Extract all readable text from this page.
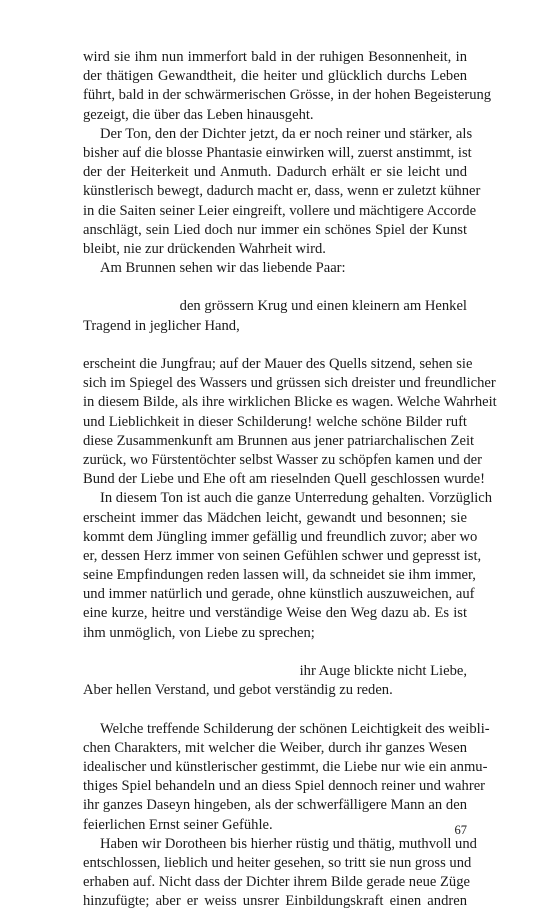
wird sie ihm nun immerfort bald in der ruhigen Besonnenheit, in
der thätigen Gewandtheit, die heiter und glücklich durchs Leben
führt, bald in der schwärmerischen Grösse, in der hohen Begeisterung
gezeigt, die über das Leben hinausgeht.
Der Ton, den der Dichter jetzt, da er noch reiner und stärker, als
bisher auf die blosse Phantasie einwirken will, zuerst anstimmt, ist
der der Heiterkeit und Anmuth. Dadurch erhält er sie leicht und
künstlerisch bewegt, dadurch macht er, dass, wenn er zuletzt kühner
in die Saiten seiner Leier eingreift, vollere und mächtigere Accorde
anschlägt, sein Lied doch nur immer ein schönes Spiel der Kunst
bleibt, nie zur drückenden Wahrheit wird.
Am Brunnen sehen wir das liebende Paar:
den grössern Krug und einen kleinern am Henkel
Tragend in jeglicher Hand,
erscheint die Jungfrau; auf der Mauer des Quells sitzend, sehen sie
sich im Spiegel des Wassers und grüssen sich dreister und freundlicher
in diesem Bilde, als ihre wirklichen Blicke es wagen. Welche Wahrheit
und Lieblichkeit in dieser Schilderung! welche schöne Bilder ruft
diese Zusammenkunft am Brunnen aus jener patriarchalischen Zeit
zurück, wo Fürstentöchter selbst Wasser zu schöpfen kamen und der
Bund der Liebe und Ehe oft am rieselnden Quell geschlossen wurde!
In diesem Ton ist auch die ganze Unterredung gehalten. Vorzüglich
erscheint immer das Mädchen leicht, gewandt und besonnen; sie
kommt dem Jüngling immer gefällig und freundlich zuvor; aber wo
er, dessen Herz immer von seinen Gefühlen schwer und gepresst ist,
seine Empfindungen reden lassen will, da schneidet sie ihm immer,
und immer natürlich und gerade, ohne künstlich auszuweichen, auf
eine kurze, heitre und verständige Weise den Weg dazu ab. Es ist
ihm unmöglich, von Liebe zu sprechen;
ihr Auge blickte nicht Liebe,
Aber hellen Verstand, und gebot verständig zu reden.
Welche treffende Schilderung der schönen Leichtigkeit des weibli-
chen Charakters, mit welcher die Weiber, durch ihr ganzes Wesen
idealischer und künstlerischer gestimmt, die Liebe nur wie ein anmu-
thiges Spiel behandeln und an diess Spiel dennoch reiner und wahrer
ihr ganzes Daseyn hingeben, als der schwerfälligere Mann an den
feierlichen Ernst seiner Gefühle.
Haben wir Dorotheen bis hierher rüstig und thätig, muthvoll und
entschlossen, lieblich und heiter gesehen, so tritt sie nun gross und
erhaben auf. Nicht dass der Dichter ihrem Bilde gerade neue Züge
hinzufügte; aber er weiss unsrer Einbildungskraft einen andren
67
